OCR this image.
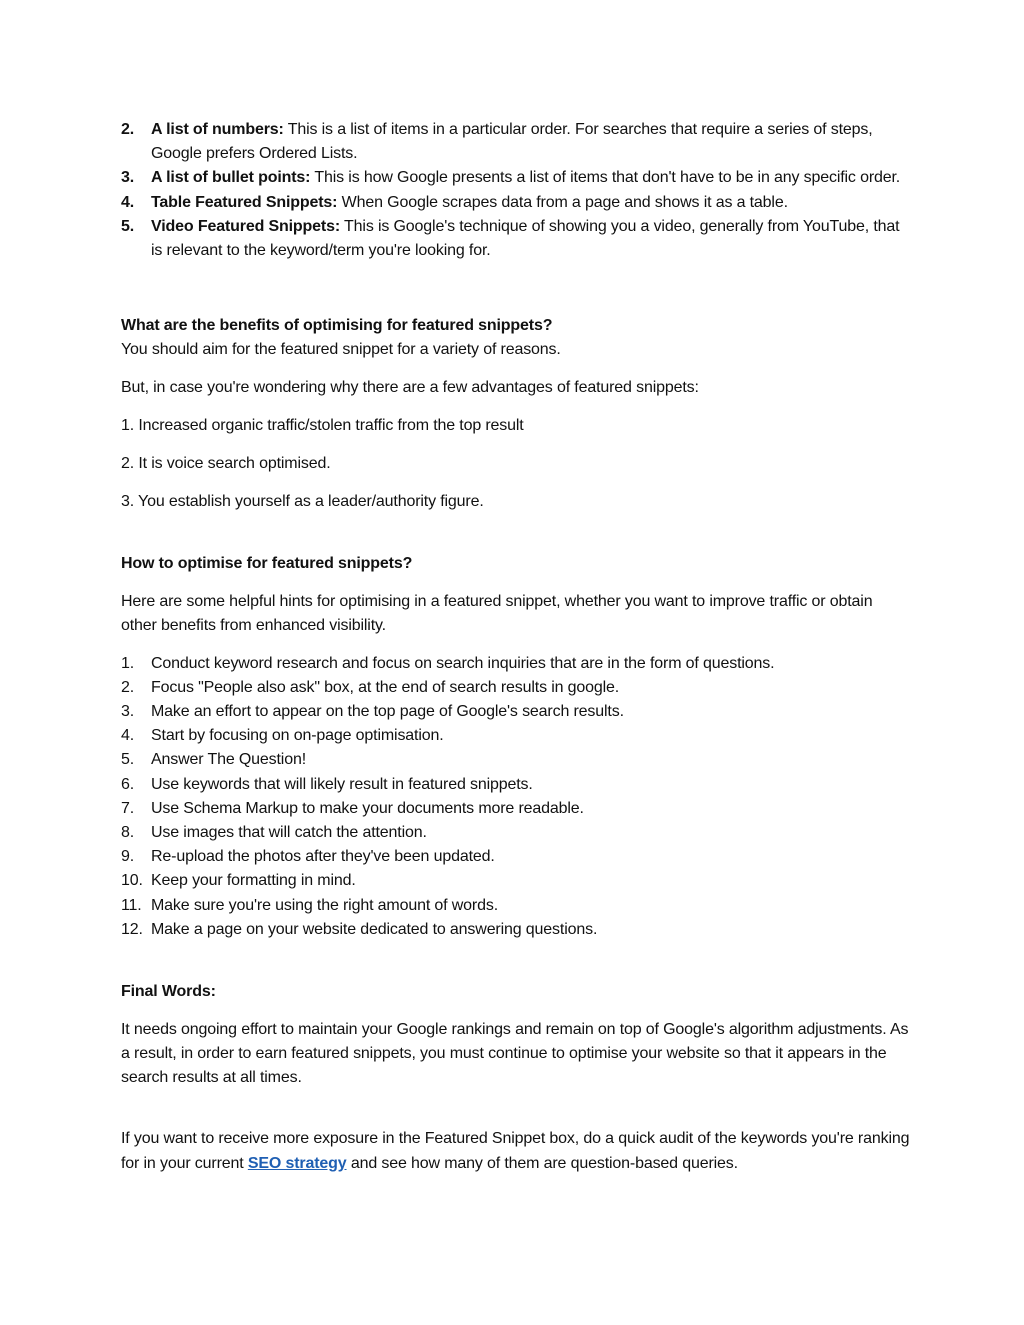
2. A list of numbers: This is a list of items in a particular order. For searches that require a series of steps, Google prefers Ordered Lists.
3. A list of bullet points: This is how Google presents a list of items that don't have to be in any specific order.
4. Table Featured Snippets: When Google scrapes data from a page and shows it as a table.
5. Video Featured Snippets: This is Google's technique of showing you a video, generally from YouTube, that is relevant to the keyword/term you're looking for.

What are the benefits of optimising for featured snippets?

You should aim for the featured snippet for a variety of reasons.

But, in case you're wondering why there are a few advantages of featured snippets:

1. Increased organic traffic/stolen traffic from the top result

2. It is voice search optimised.

3. You establish yourself as a leader/authority figure.

How to optimise for featured snippets?

Here are some helpful hints for optimising in a featured snippet, whether you want to improve traffic or obtain other benefits from enhanced visibility.

1. Conduct keyword research and focus on search inquiries that are in the form of questions.
2. Focus "People also ask" box, at the end of search results in google.
3. Make an effort to appear on the top page of Google's search results.
4. Start by focusing on on-page optimisation.
5. Answer The Question!
6. Use keywords that will likely result in featured snippets.
7. Use Schema Markup to make your documents more readable.
8. Use images that will catch the attention.
9. Re-upload the photos after they've been updated.
10. Keep your formatting in mind.
11. Make sure you're using the right amount of words.
12. Make a page on your website dedicated to answering questions.

Final Words:

It needs ongoing effort to maintain your Google rankings and remain on top of Google's algorithm adjustments. As a result, in order to earn featured snippets, you must continue to optimise your website so that it appears in the search results at all times.

If you want to receive more exposure in the Featured Snippet box, do a quick audit of the keywords you're ranking for in your current SEO strategy and see how many of them are question-based queries.
